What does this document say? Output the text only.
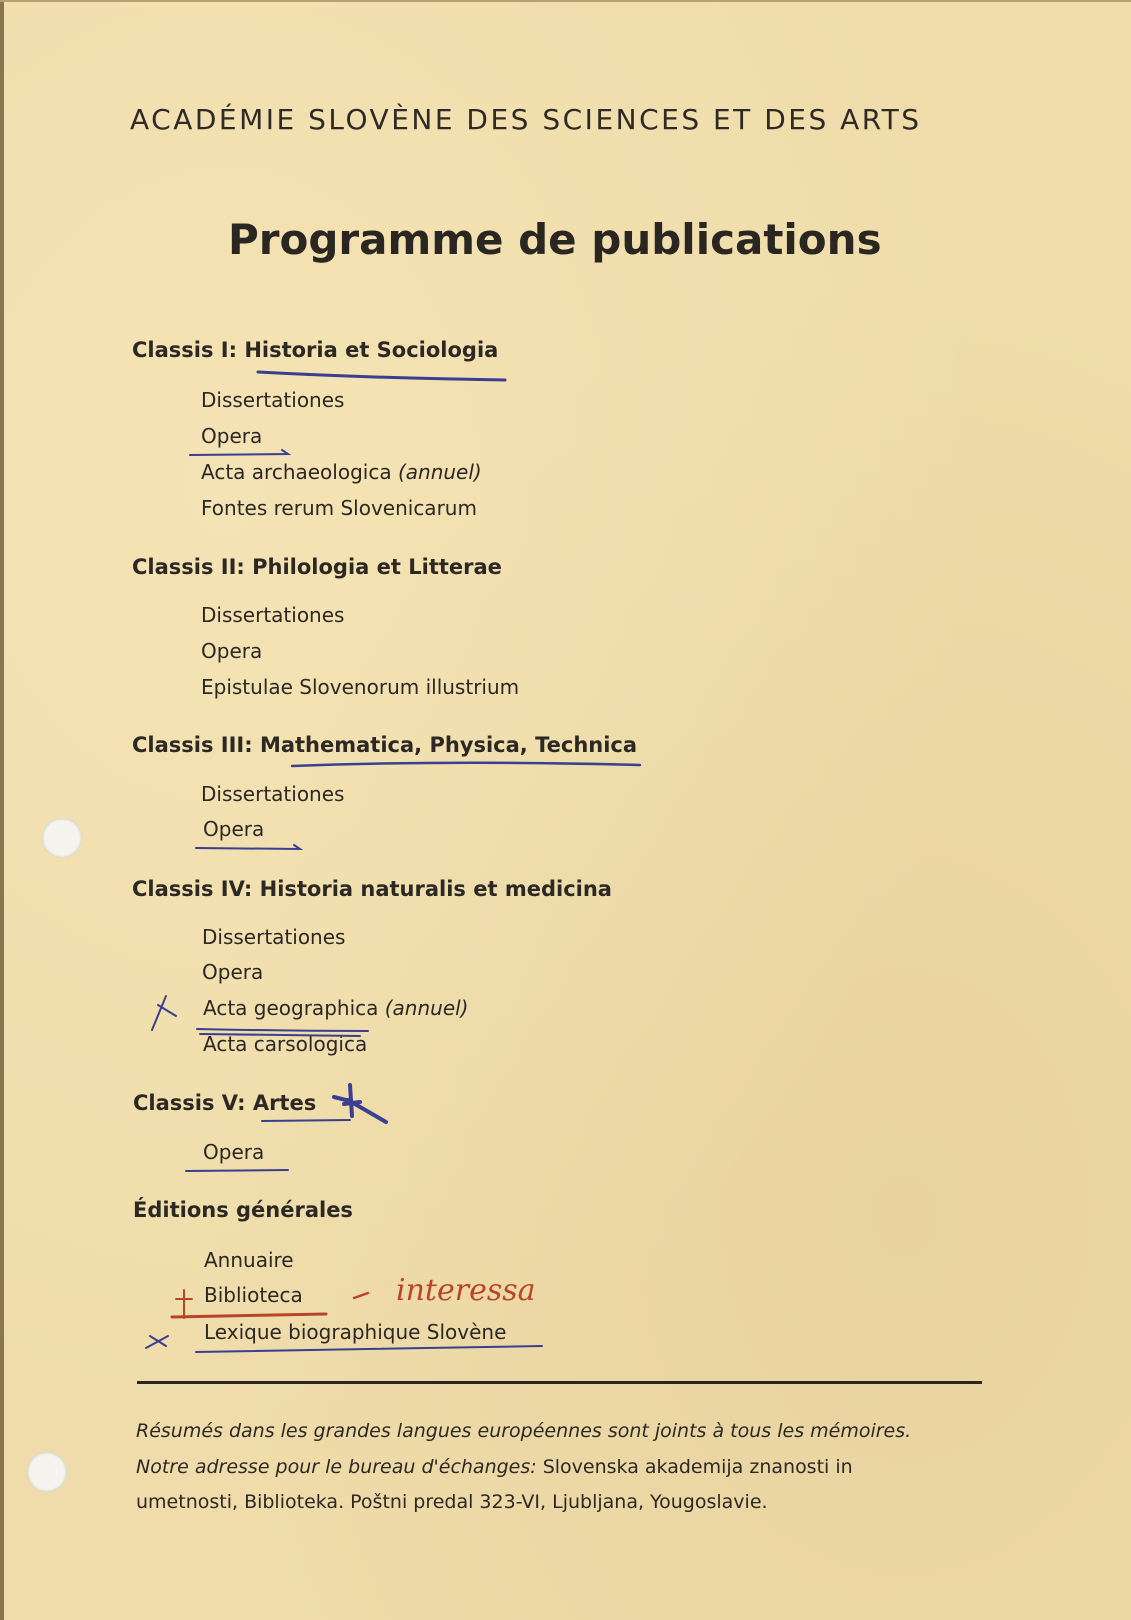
ACADÉMIE SLOVÈNE DES SCIENCES ET DES ARTS
Programme de publications
Classis I: Historia et Sociologia
Dissertationes
Opera
Acta archaeologica (annuel)
Fontes rerum Slovenicarum
Classis II: Philologia et Litterae
Dissertationes
Opera
Epistulae Slovenorum illustrium
Classis III: Mathematica, Physica, Technica
Dissertationes
Opera
Classis IV: Historia naturalis et medicina
Dissertationes
Opera
Acta geographica (annuel)
Acta carsologica
Classis V: Artes
Opera
Éditions générales
Annuaire
Biblioteca
Lexique biographique Slovène
Résumés dans les grandes langues européennes sont joints à tous les mémoires.
Notre adresse pour le bureau d'échanges: Slovenska akademija znanosti in
umetnosti, Biblioteka. Poštni predal 323-VI, Ljubljana, Yougoslavie.
interessa
